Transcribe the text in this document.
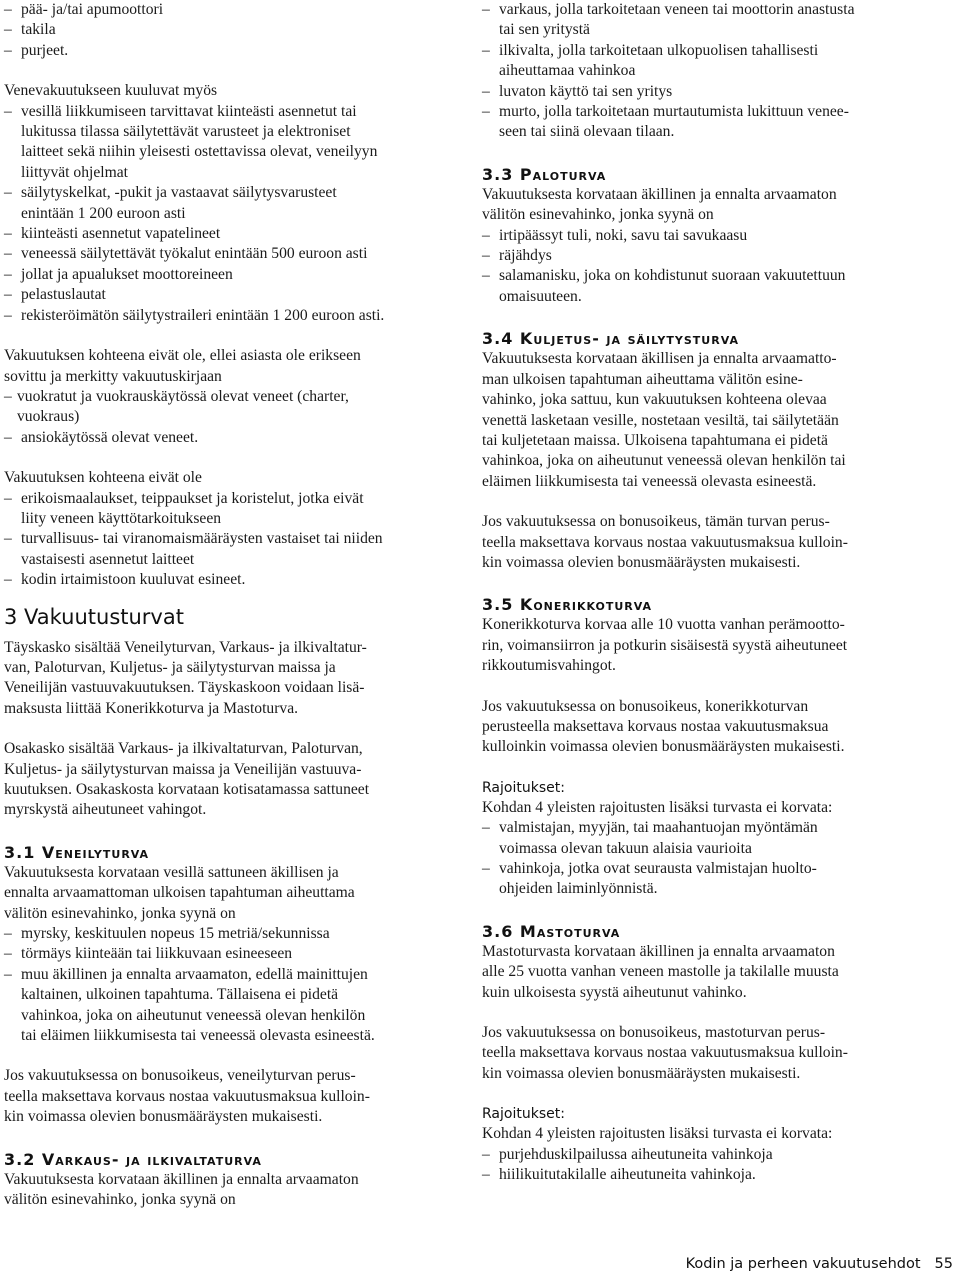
– pää- ja/tai apumoottori
– takila
– purjeet.

Venevakuutukseen kuuluvat myös

– vesillä liikkumiseen tarvittavat kiinteästi asennetut tai
lukitussa tilassa säilytettävät varusteet ja elektroniset
laitteet sekä niihin yleisesti ostettavissa olevat, veneilyyn
liittyvät ohjelmat
– säilytyskelkat, -pukit ja vastaavat säilytysvarusteet
enintään 1 200 euroon asti
– kiinteästi asennetut vapatelineet
– veneessä säilytettävät työkalut enintään 500 euroon asti
– jollat ja apualukset moottoreineen
– pelastuslautat
– rekisteröimätön säilytystraileri enintään 1 200 euroon asti.

Vakuutuksen kohteena eivät ole, ellei asiasta ole erikseen
sovittu ja merkitty vakuutuskirjaan

– vuokratut ja vuokrauskäytössä olevat veneet (charter,
vuokraus)
– ansiokäytössä olevat veneet.

Vakuutuksen kohteena eivät ole

– erikoismaalaukset, teippaukset ja koristelut, jotka eivät
liity veneen käyttötarkoitukseen
– turvallisuus- tai viranomaismääräysten vastaiset tai niiden
vastaisesti asennetut laitteet
– kodin irtaimistoon kuuluvat esineet.
3 Vakuutusturvat

Täyskasko sisältää Veneilyturvan, Varkaus- ja ilkivaltatur-
van, Paloturvan, Kuljetus- ja säilytysturvan maissa ja
Veneilijän vastuuvakuutuksen. Täyskaskoon voidaan lisä-
maksusta liittää Konerikkoturva ja Mastoturva.

Osakasko sisältää Varkaus- ja ilkivaltaturvan, Paloturvan,
Kuljetus- ja säilytysturvan maissa ja Veneilijän vastuuva-
kuutuksen. Osakaskosta korvataan kotisatamassa sattuneet
myrskystä aiheutuneet vahingot.

3.1 Veneilyturva

Vakuutuksesta korvataan vesillä sattuneen äkillisen ja
ennalta arvaamattoman ulkoisen tapahtuman aiheuttama
välitön esinevahinko, jonka syynä on

– myrsky, keskituulen nopeus 15 metriä/sekunnissa
– törmäys kiinteään tai liikkuvaan esineeseen
– muu äkillinen ja ennalta arvaamaton, edellä mainittujen
kaltainen, ulkoinen tapahtuma. Tällaisena ei pidetä
vahinkoa, joka on aiheutunut veneessä olevan henkilön
tai eläimen liikkumisesta tai veneessä olevasta esineestä.

Jos vakuutuksessa on bonusoikeus, veneilyturvan perus-
teella maksettava korvaus nostaa vakuutusmaksua kulloin-
kin voimassa olevien bonusmääräysten mukaisesti.

3.2 Varkaus- ja ilkivaltaturva

Vakuutuksesta korvataan äkillinen ja ennalta arvaamaton
välitön esinevahinko, jonka syynä on

– varkaus, jolla tarkoitetaan veneen tai moottorin anastusta
tai sen yritystä
– ilkivalta, jolla tarkoitetaan ulkopuolisen tahallisesti
aiheuttamaa vahinkoa
– luvaton käyttö tai sen yritys
– murto, jolla tarkoitetaan murtautumista lukittuun venee-
seen tai siinä olevaan tilaan.
3.3 Paloturva

Vakuutuksesta korvataan äkillinen ja ennalta arvaamaton
välitön esinevahinko, jonka syynä on

– irtipäässyt tuli, noki, savu tai savukaasu
– räjähdys
– salamanisku, joka on kohdistunut suoraan vakuutettuun
omaisuuteen.
3.4 Kuljetus- ja säilytysturva

Vakuutuksesta korvataan äkillisen ja ennalta arvaamatto-
man ulkoisen tapahtuman aiheuttama välitön esine-
vahinko, joka sattuu, kun vakuutuksen kohteena olevaa
venettä lasketaan vesille, nostetaan vesiltä, tai säilytetään
tai kuljetetaan maissa. Ulkoisena tapahtumana ei pidetä
vahinkoa, joka on aiheutunut veneessä olevan henkilön tai
eläimen liikkumisesta tai veneessä olevasta esineestä.

Jos vakuutuksessa on bonusoikeus, tämän turvan perus-
teella maksettava korvaus nostaa vakuutusmaksua kulloin-
kin voimassa olevien bonusmääräysten mukaisesti.

3.5 Konerikkoturva

Konerikkoturva korvaa alle 10 vuotta vanhan perämootto-
rin, voimansiirron ja potkurin sisäisestä syystä aiheutuneet
rikkoutumisvahingot.

Jos vakuutuksessa on bonusoikeus, konerikkoturvan
perusteella maksettava korvaus nostaa vakuutusmaksua
kulloinkin voimassa olevien bonusmääräysten mukaisesti.

Rajoitukset:

Kohdan 4 yleisten rajoitusten lisäksi turvasta ei korvata:

– valmistajan, myyjän, tai maahantuojan myöntämän
voimassa olevan takuun alaisia vaurioita
– vahinkoja, jotka ovat seurausta valmistajan huolto-
ohjeiden laiminlyönnistä.
3.6 Mastoturva

Mastoturvasta korvataan äkillinen ja ennalta arvaamaton
alle 25 vuotta vanhan veneen mastolle ja takilalle muusta
kuin ulkoisesta syystä aiheutunut vahinko.

Jos vakuutuksessa on bonusoikeus, mastoturvan perus-
teella maksettava korvaus nostaa vakuutusmaksua kulloin-
kin voimassa olevien bonusmääräysten mukaisesti.

Rajoitukset:

Kohdan 4 yleisten rajoitusten lisäksi turvasta ei korvata:

– purjehduskilpailussa aiheutuneita vahinkoja
– hiilikuitutakilalle aiheutuneita vahinkoja.
Kodin ja perheen vakuutusehdot 55
